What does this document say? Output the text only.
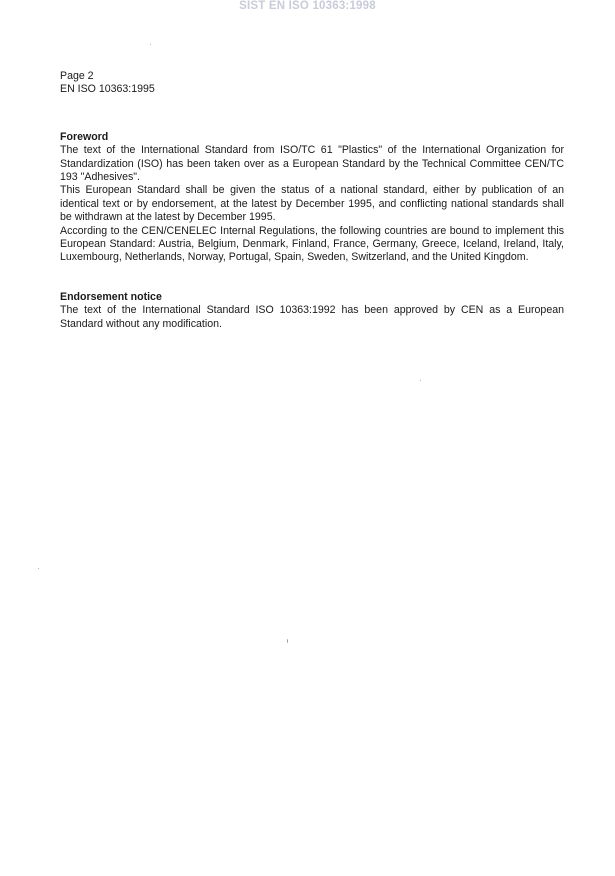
SIST EN ISO 10363:1998
Page 2
EN ISO 10363:1995
Foreword

The text of the International Standard from ISO/TC 61 "Plastics" of the International Organization for Standardization (ISO) has been taken over as a European Standard by the Technical Committee CEN/TC 193 "Adhesives".

This European Standard shall be given the status of a national standard, either by publication of an identical text or by endorsement, at the latest by December 1995, and conflicting national standards shall be withdrawn at the latest by December 1995.

According to the CEN/CENELEC Internal Regulations, the following countries are bound to implement this European Standard: Austria, Belgium, Denmark, Finland, France, Germany, Greece, Iceland, Ireland, Italy, Luxembourg, Netherlands, Norway, Portugal, Spain, Sweden, Switzerland, and the United Kingdom.

Endorsement notice

The text of the International Standard ISO 10363:1992 has been approved by CEN as a European Standard without any modification.
